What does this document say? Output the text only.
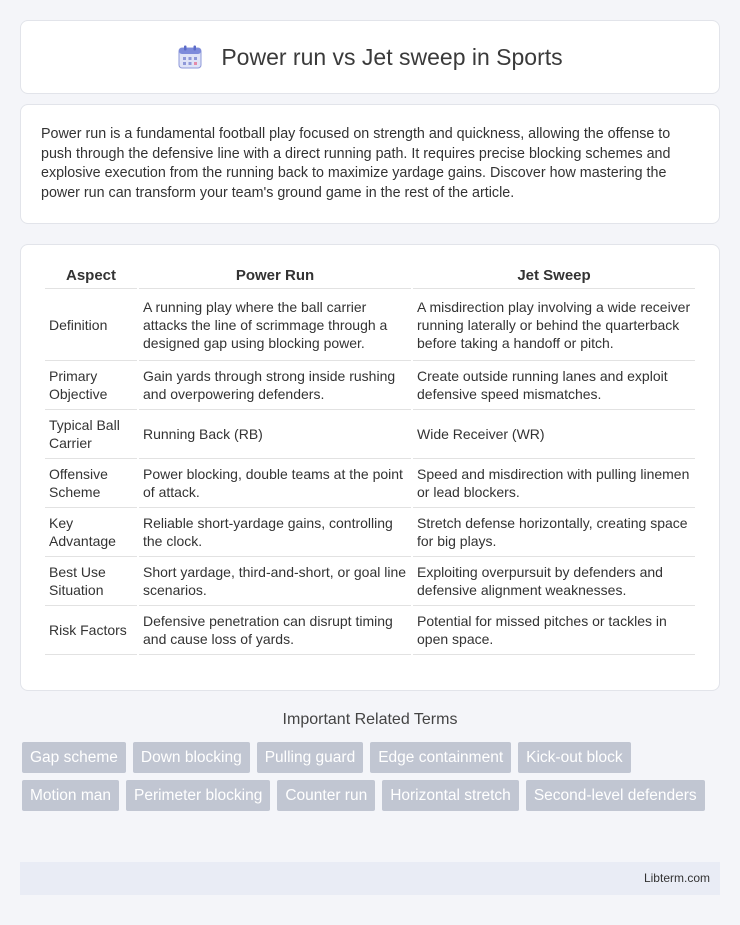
Power run vs Jet sweep in Sports

Power run is a fundamental football play focused on strength and quickness, allowing the offense to push through the defensive line with a direct running path. It requires precise blocking schemes and explosive execution from the running back to maximize yardage gains. Discover how mastering the power run can transform your team's ground game in the rest of the article.

Aspect	Power Run	Jet Sweep
Definition	A running play where the ball carrier attacks the line of scrimmage through a designed gap using blocking power.	A misdirection play involving a wide receiver running laterally or behind the quarterback before taking a handoff or pitch.
Primary Objective	Gain yards through strong inside rushing and overpowering defenders.	Create outside running lanes and exploit defensive speed mismatches.
Typical Ball Carrier	Running Back (RB)	Wide Receiver (WR)
Offensive Scheme	Power blocking, double teams at the point of attack.	Speed and misdirection with pulling linemen or lead blockers.
Key Advantage	Reliable short-yardage gains, controlling the clock.	Stretch defense horizontally, creating space for big plays.
Best Use Situation	Short yardage, third-and-short, or goal line scenarios.	Exploiting overpursuit by defenders and defensive alignment weaknesses.
Risk Factors	Defensive penetration can disrupt timing and cause loss of yards.	Potential for missed pitches or tackles in open space.
Important Related Terms
Gap scheme	Down blocking	Pulling guard	Edge containment	Kick-out block
Motion man	Perimeter blocking	Counter run	Horizontal stretch	Second-level defenders
Libterm.com
